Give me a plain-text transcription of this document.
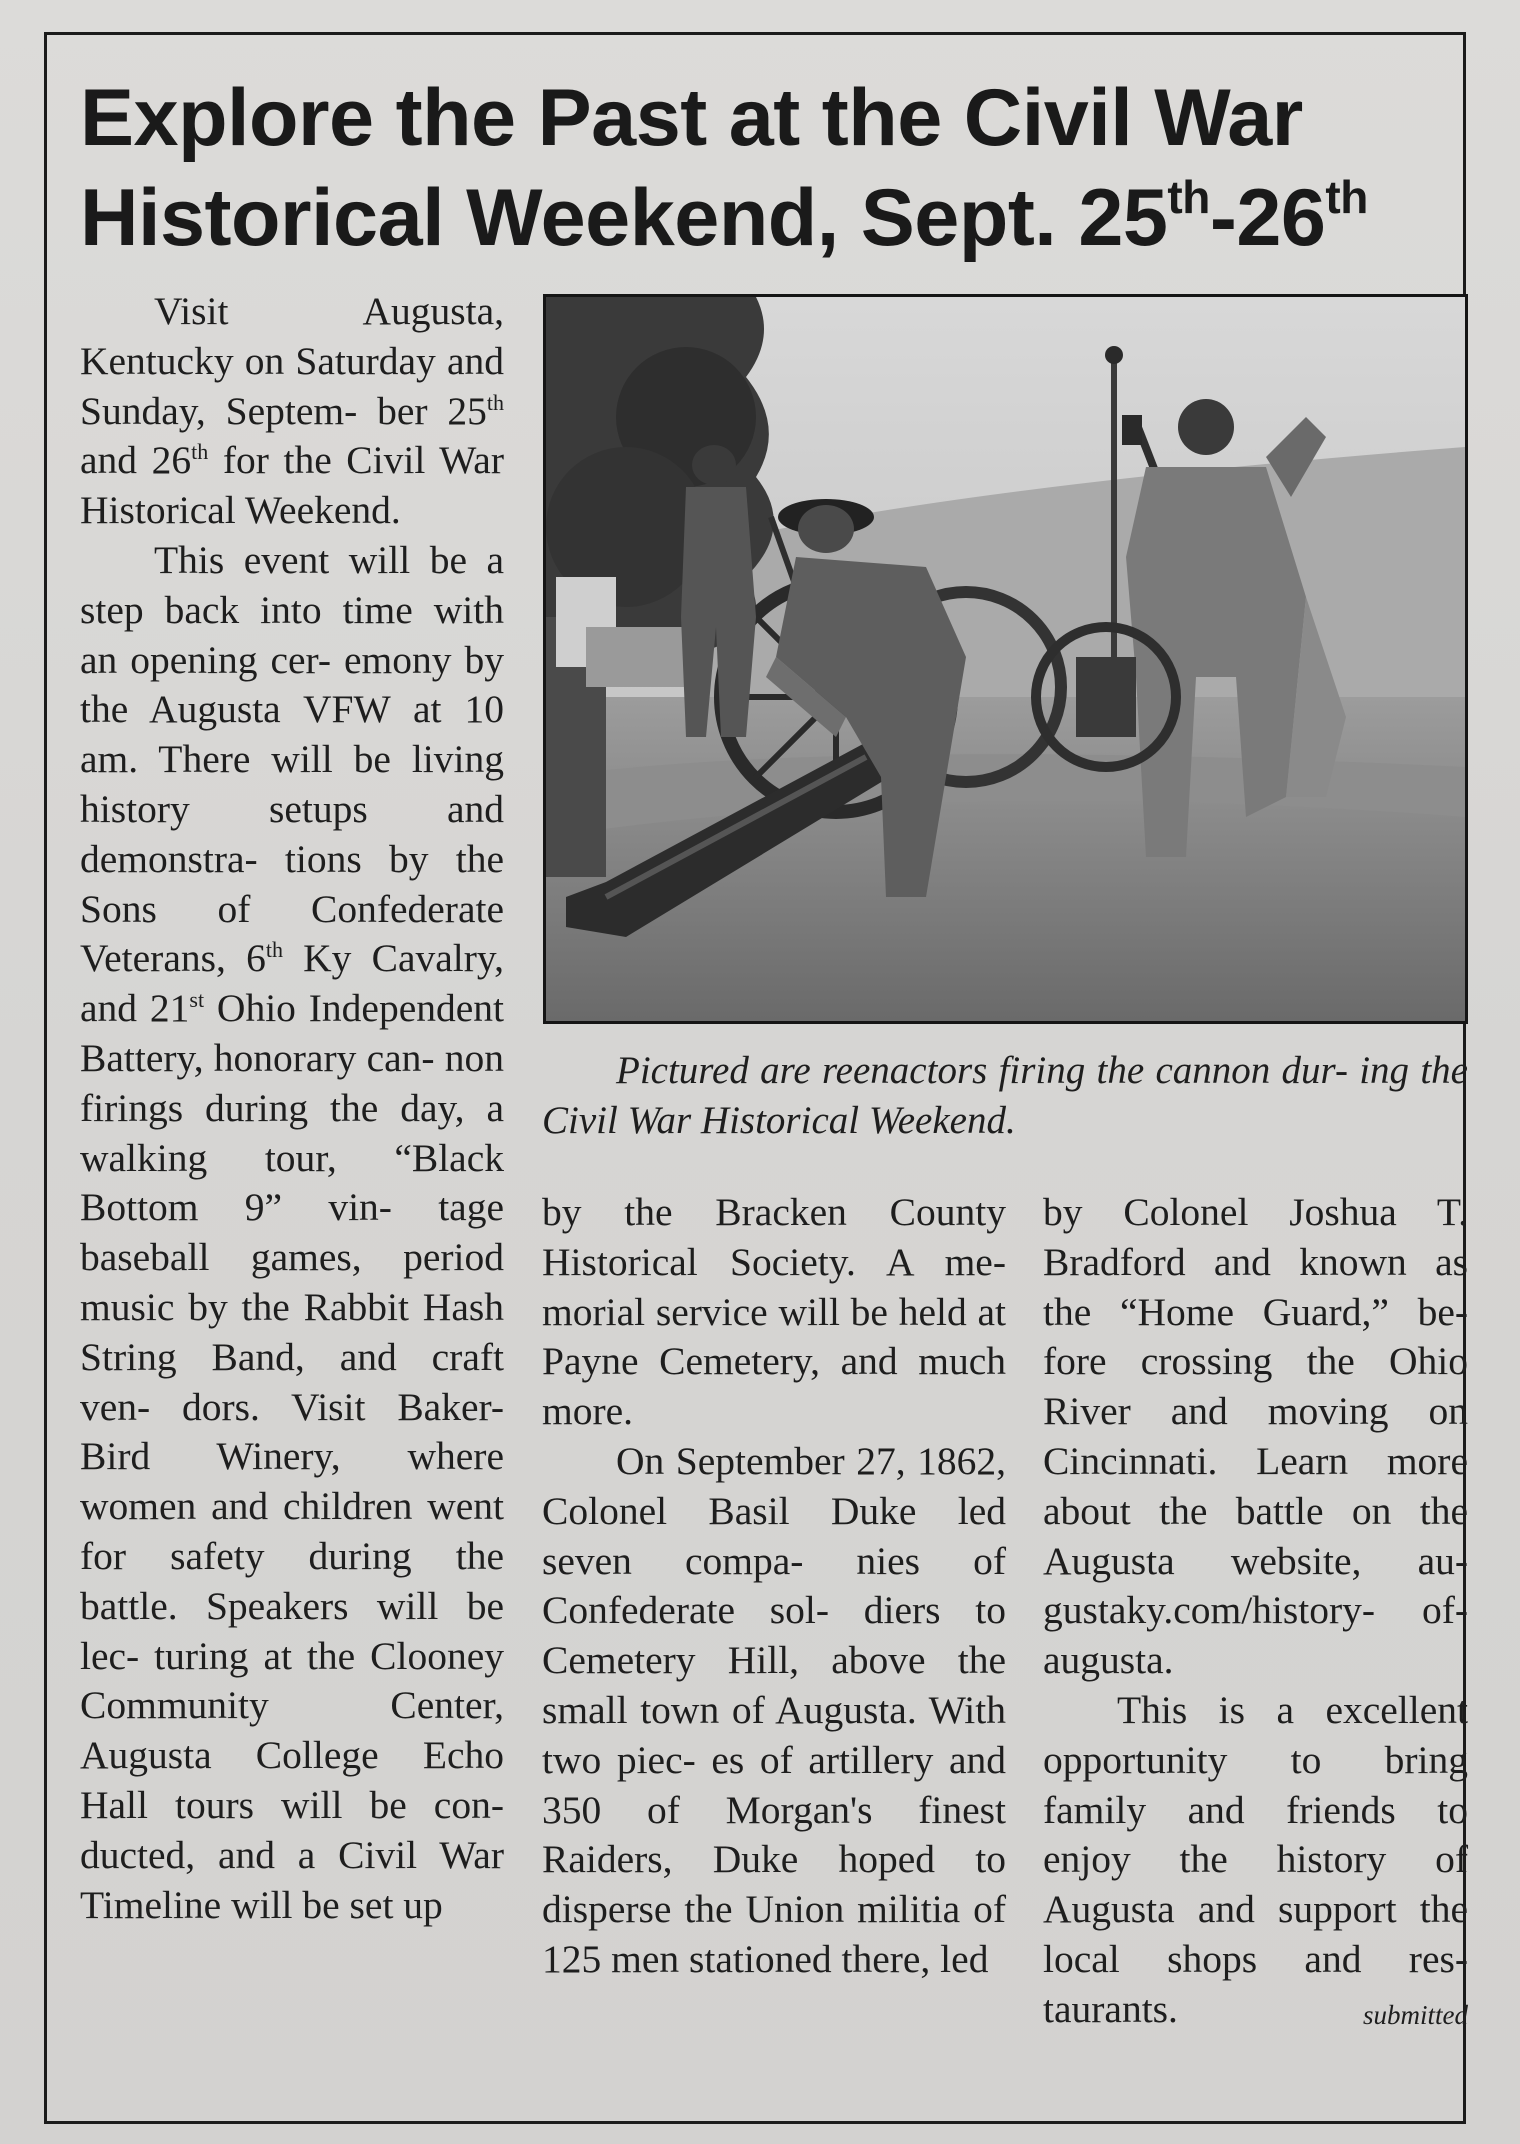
Explore the Past at the Civil War
Historical Weekend, Sept. 25th-26th

Visit Augusta, Kentucky on Saturday and Sunday, Septem- ber 25th and 26th for the Civil War Historical Weekend.

This event will be a step back into time with an opening cer- emony by the Augusta VFW at 10 am. There will be living history setups and demonstra- tions by the Sons of Confederate Veterans, 6th Ky Cavalry, and 21st Ohio Independent Battery, honorary can- non firings during the day, a walking tour, “Black Bottom 9” vin- tage baseball games, period music by the Rabbit Hash String Band, and craft ven- dors. Visit Baker-Bird Winery, where women and children went for safety during the battle. Speakers will be lec- turing at the Clooney Community Center, Augusta College Echo Hall tours will be con- ducted, and a Civil War Timeline will be set up

Pictured are reenactors firing the cannon dur- ing the Civil War Historical Weekend.

by the Bracken County Historical Society. A me- morial service will be held at Payne Cemetery, and much more.

On September 27, 1862, Colonel Basil Duke led seven compa- nies of Confederate sol- diers to Cemetery Hill, above the small town of Augusta. With two piec- es of artillery and 350 of Morgan's finest Raiders, Duke hoped to disperse the Union militia of 125 men stationed there, led

by Colonel Joshua T. Bradford and known as the “Home Guard,” be- fore crossing the Ohio River and moving on Cincinnati. Learn more about the battle on the Augusta website, au- gustaky.com/history- of-augusta.

This is a excellent opportunity to bring family and friends to enjoy the history of Augusta and support the local shops and res- taurants.	submitted
